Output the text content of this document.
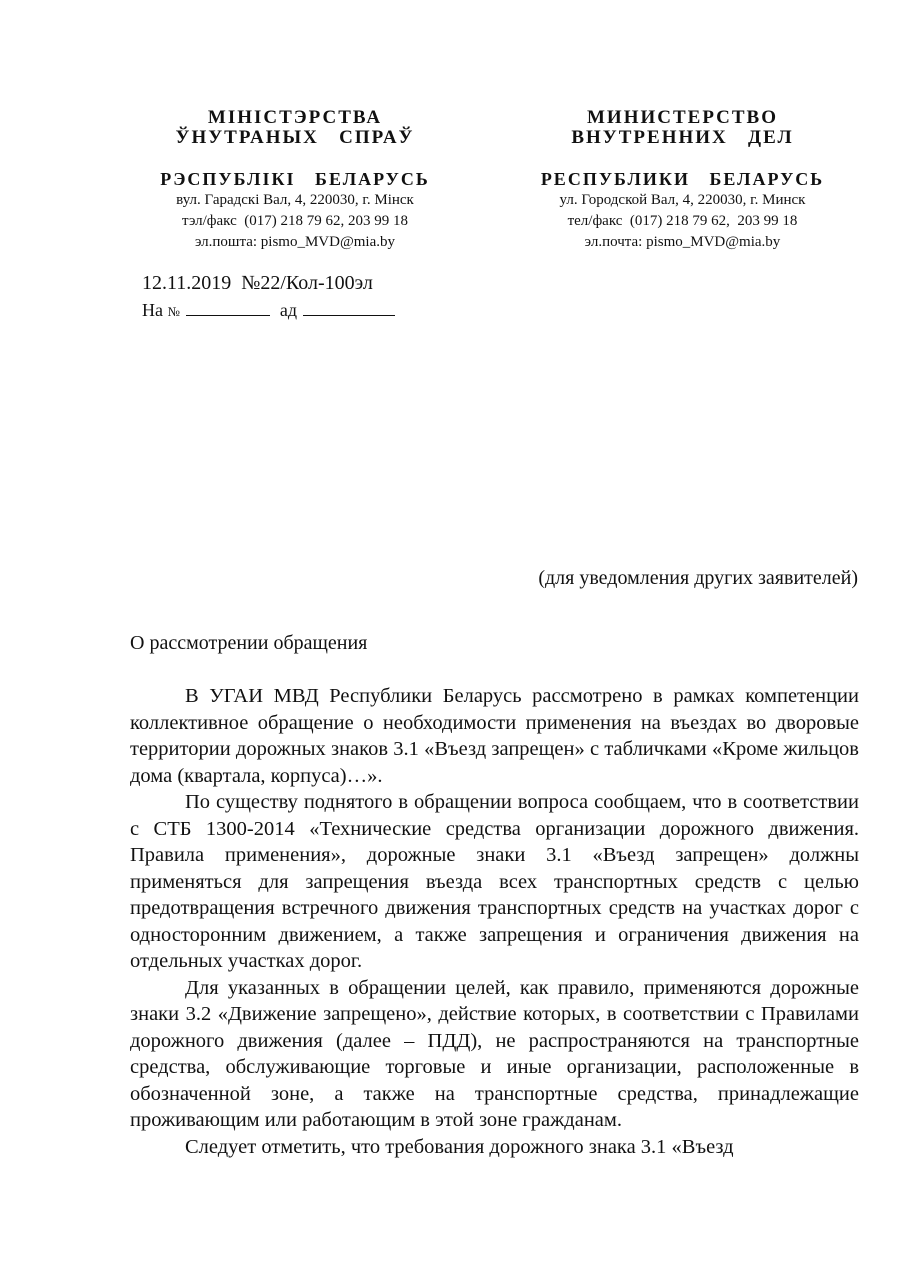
МІНІСТЭРСТВА
ЎНУТРАНЫХ   СПРАЎ
РЭСПУБЛІКІ   БЕЛАРУСЬ
вул. Гарадскі Вал, 4, 220030, г. Мінск
тэл/факс  (017) 218 79 62, 203 99 18
эл.пошта: pismo_MVD@mia.by
МИНИСТЕРСТВО
ВНУТРЕННИХ   ДЕЛ
РЕСПУБЛИКИ   БЕЛАРУСЬ
ул. Городской Вал, 4, 220030, г. Минск
тел/факс  (017) 218 79 62,  203 99 18
эл.почта: pismo_MVD@mia.by
12.11.2019 №22/Кол-100эл
На №	ад
(для уведомления других заявителей)
О рассмотрении обращения

В УГАИ МВД Республики Беларусь рассмотрено в рамках компетенции коллективное обращение о необходимости применения на въездах во дворовые территории дорожных знаков 3.1 «Въезд запрещен» с табличками «Кроме жильцов дома (квартала, корпуса)…».

По существу поднятого в обращении вопроса сообщаем, что в соответствии с СТБ 1300-2014 «Технические средства организации дорожного движения. Правила применения», дорожные знаки 3.1 «Въезд запрещен» должны применяться для запрещения въезда всех транспортных средств с целью предотвращения встречного движения транспортных средств на участках дорог с односторонним движением, а также запрещения и ограничения движения на отдельных участках дорог.

Для указанных в обращении целей, как правило, применяются дорожные знаки 3.2 «Движение запрещено», действие которых, в соответствии с Правилами дорожного движения (далее – ПДД), не распространяются на транспортные средства, обслуживающие торговые и иные организации, расположенные в обозначенной зоне, а также на транспортные средства, принадлежащие проживающим или работающим в этой зоне гражданам.

Следует отметить, что требования дорожного знака 3.1 «Въезд
